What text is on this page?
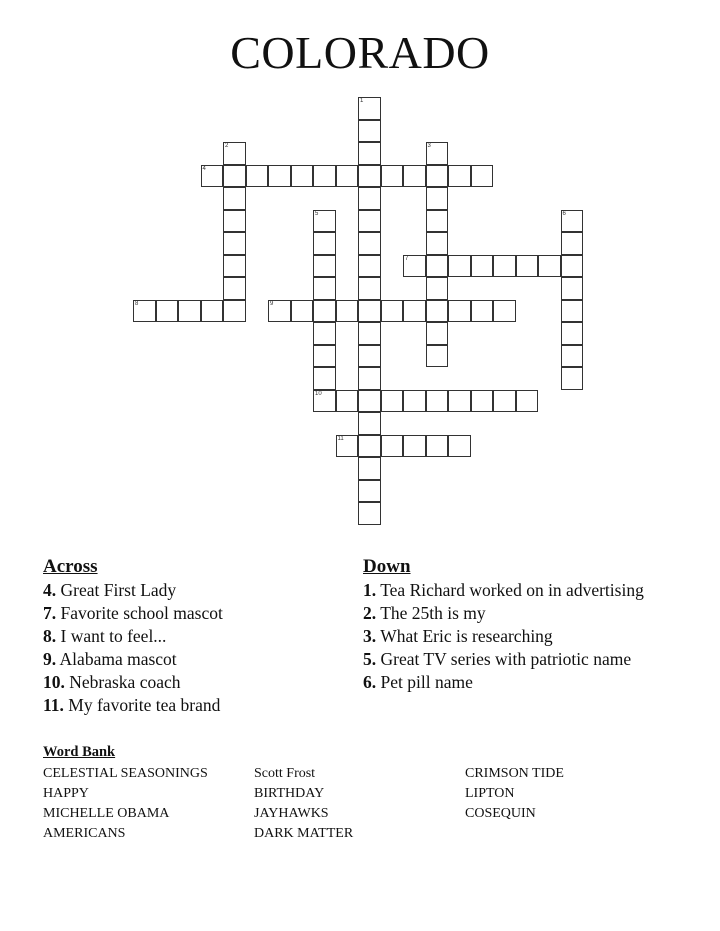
COLORADO
1
2	3
5
10
6
4
7
8	9
11
Across
4. Great First Lady
7. Favorite school mascot
8. I want to feel...
9. Alabama mascot
10. Nebraska coach
11. My favorite tea brand
Down
1. Tea Richard worked on in advertising
2. The 25th is my
3. What Eric is researching
5. Great TV series with patriotic name
6. Pet pill name
Word Bank
CELESTIAL SEASONINGS
HAPPY
MICHELLE OBAMA
AMERICANS
Scott Frost
BIRTHDAY
JAYHAWKS
DARK MATTER
CRIMSON TIDE
LIPTON
COSEQUIN
